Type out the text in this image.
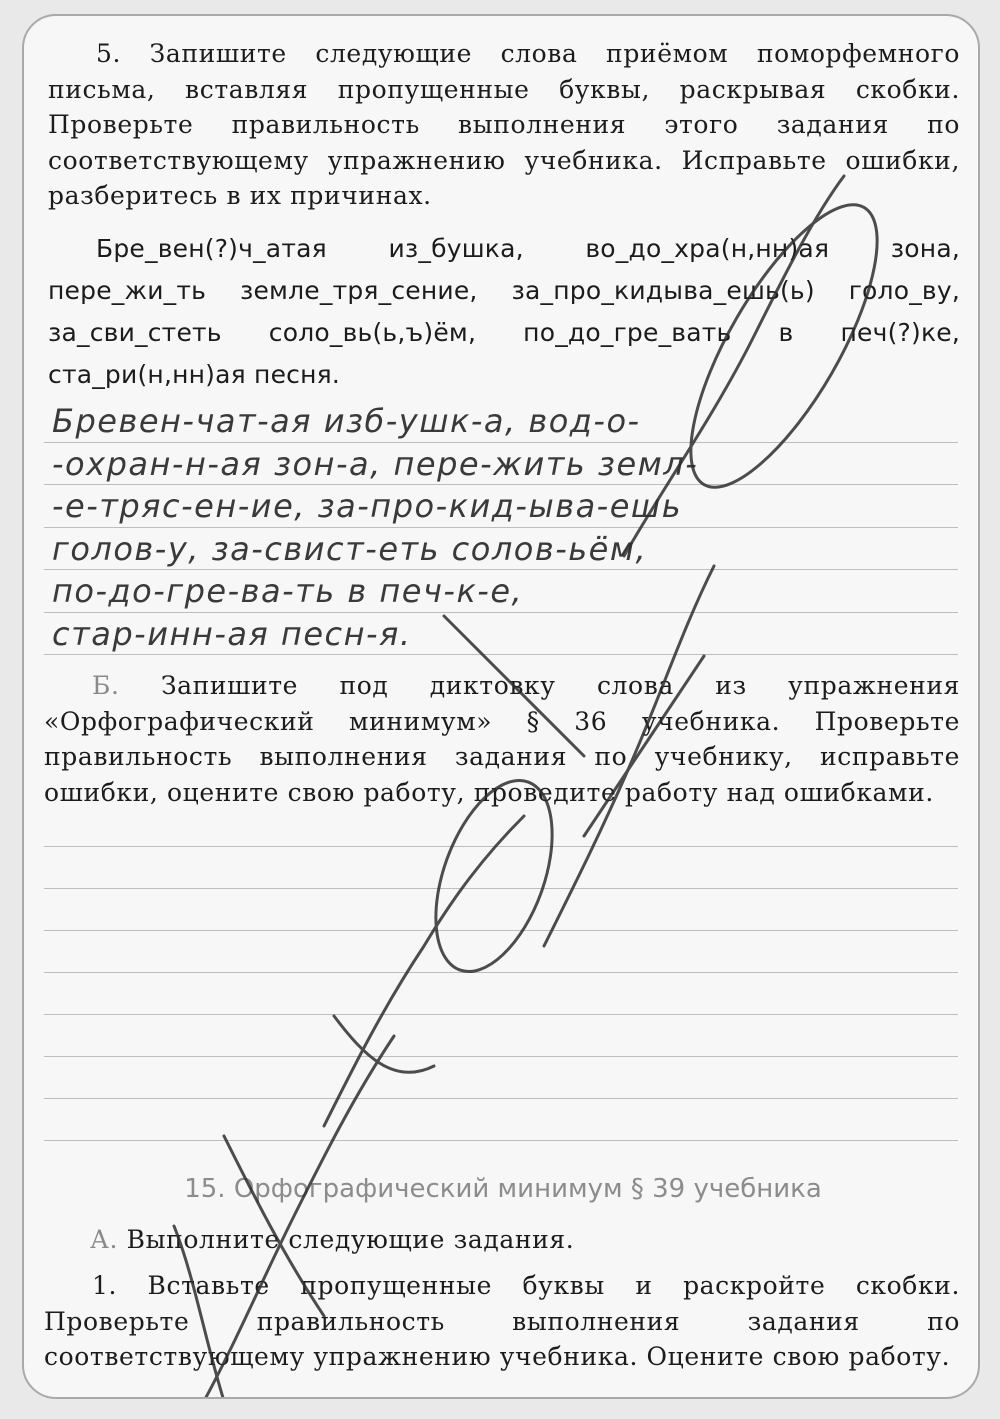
5. Запишите следующие слова приёмом поморфемного письма, вставляя пропущенные буквы, раскрывая скобки. Проверьте правильность выполнения этого задания по соответствующему упражнению учебника. Исправьте ошибки, разберитесь в их причинах.

Бре_вен(?)ч_атая из_бушка, во_до_хра(н,нн)ая зона, пере_жи_ть земле_тря_сение, за_про_кидыва_ешь(ь) голо_ву, за_сви_стеть соло_вь(ь,ъ)ём, по_до_гре_вать в печ(?)ке, ста_ри(н,нн)ая песня.

Бревен-чат-ая изб-ушк-а, вод-о-
-охран-н-ая зон-а, пере-жить земл-
-е-тряс-ен-ие, за-про-кид-ыва-ешь
голов-у, за-свист-еть солов-ьём,
по-до-гре-ва-ть в печ-к-е,
стар-инн-ая песн-я.

Б. Запишите под диктовку слова из упражнения «Орфографический минимум» § 36 учебника. Проверьте правильность выполнения задания по учебнику, исправьте ошибки, оцените свою работу, проведите работу над ошибками.

15. Орфографический минимум § 39 учебника

А. Выполните следующие задания.

1. Вставьте пропущенные буквы и раскройте скобки. Проверьте правильность выполнения задания по соответствующему упражнению учебника. Оцените свою работу.
